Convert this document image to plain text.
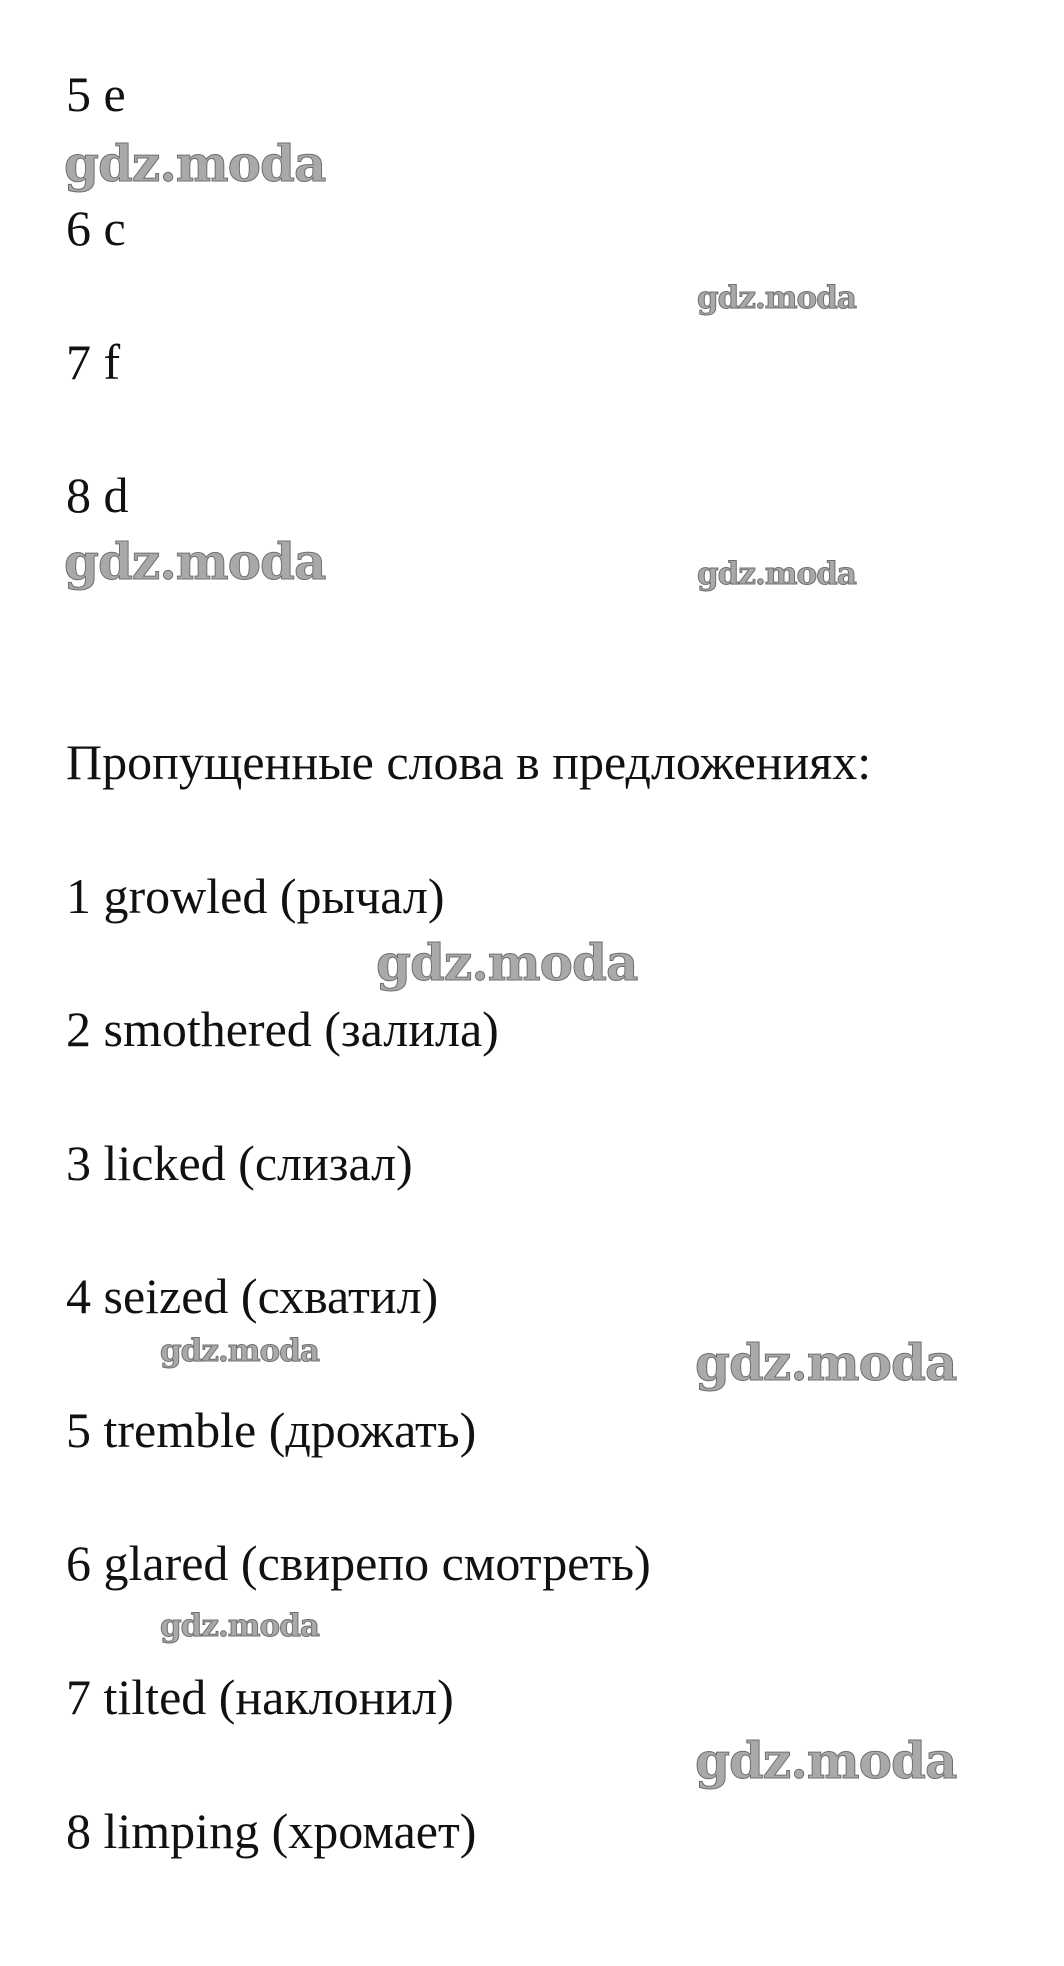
5 e
6 c
7 f
8 d
Пропущенные слова в предложениях:
1 growled (рычал)
2 smothered (залила)
3 licked (слизал)
4 seized (схватил)
5 tremble (дрожать)
6 glared (свирепо смотреть)
7 tilted (наклонил)
8 limping (хромает)
gdz.moda
gdz.moda
gdz.moda	gdz.moda
gdz.moda
gdz.moda	gdz.moda
gdz.moda
gdz.moda
